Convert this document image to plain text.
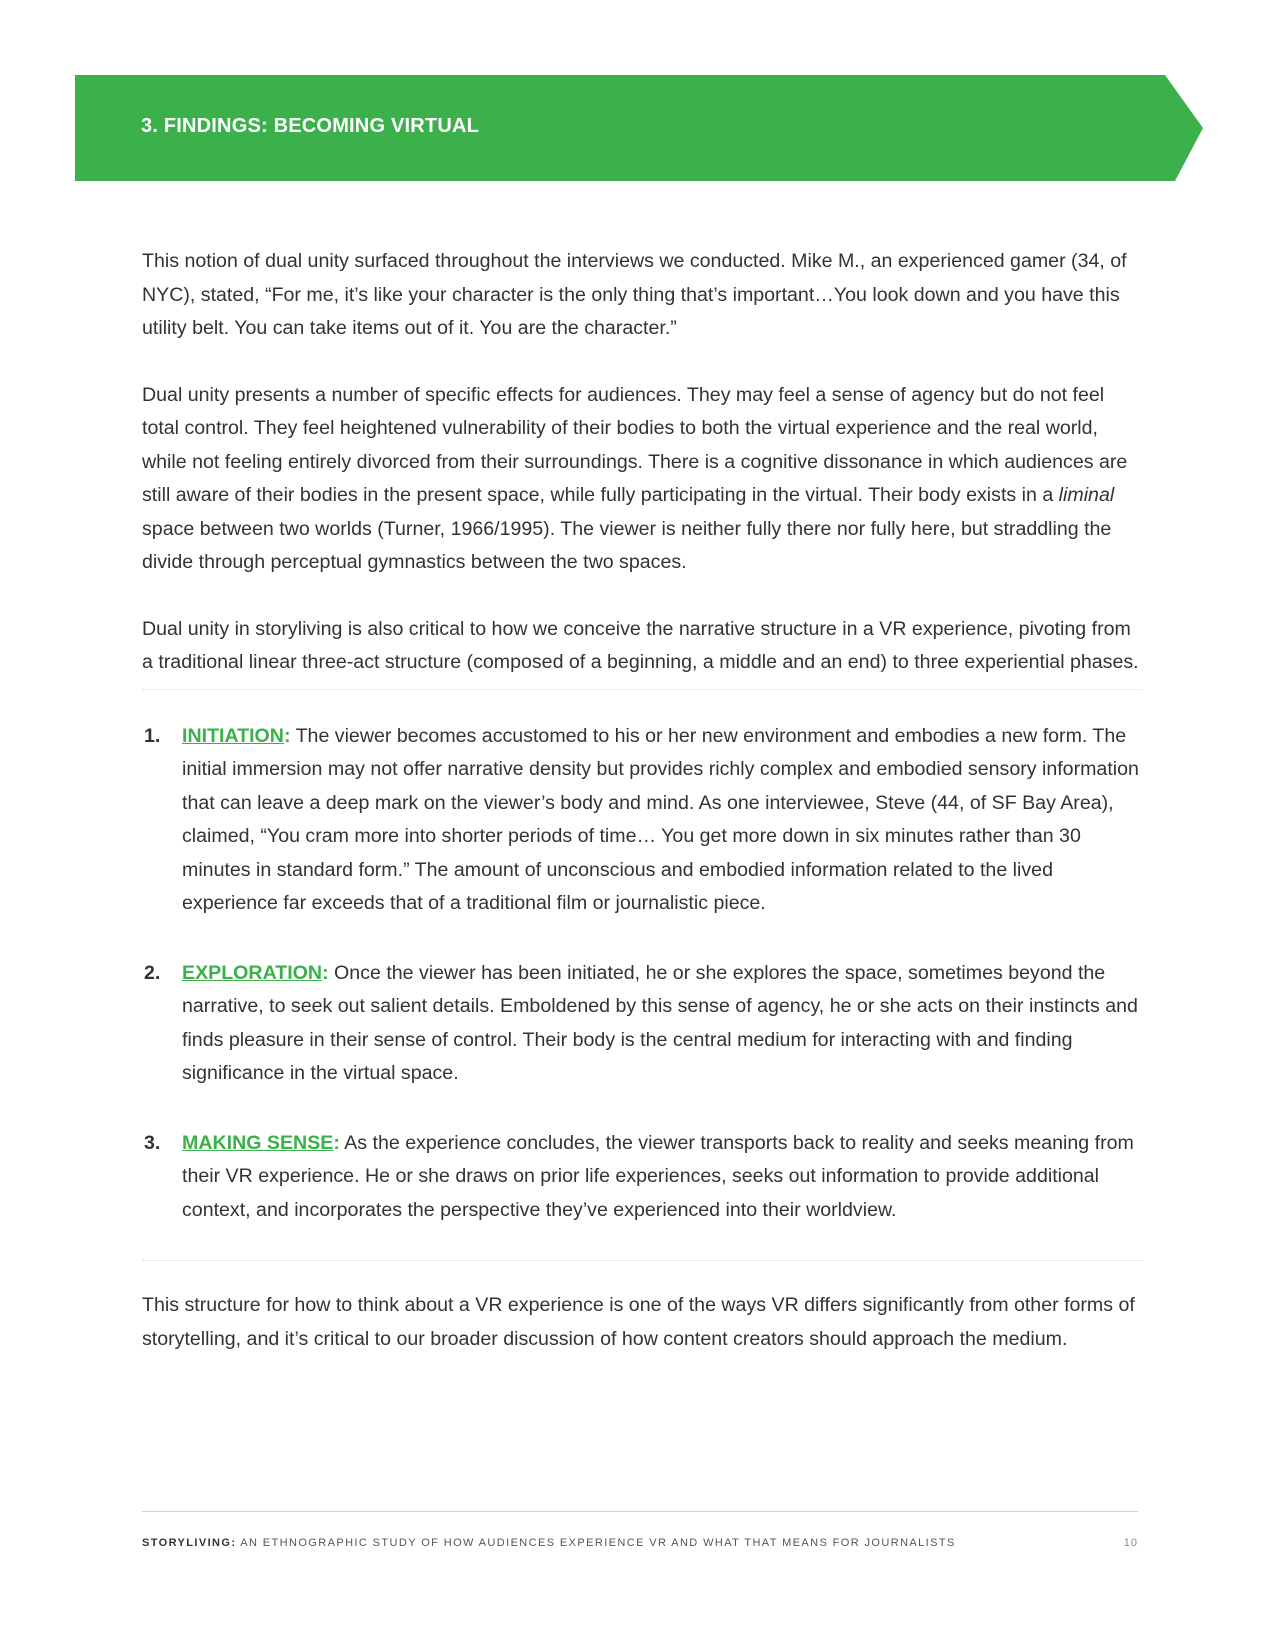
3. FINDINGS: BECOMING VIRTUAL

This notion of dual unity surfaced throughout the interviews we conducted. Mike M., an experienced gamer (34, of NYC), stated, “For me, it’s like your character is the only thing that’s important…You look down and you have this utility belt. You can take items out of it. You are the character.”

Dual unity presents a number of specific effects for audiences. They may feel a sense of agency but do not feel total control. They feel heightened vulnerability of their bodies to both the virtual experience and the real world, while not feeling entirely divorced from their surroundings. There is a cognitive dissonance in which audiences are still aware of their bodies in the present space, while fully participating in the virtual. Their body exists in a liminal space between two worlds (Turner, 1966/1995). The viewer is neither fully there nor fully here, but straddling the divide through perceptual gymnastics between the two spaces.

Dual unity in storyliving is also critical to how we conceive the narrative structure in a VR experience, pivoting from a traditional linear three-act structure (composed of a beginning, a middle and an end) to three experiential phases.

1. INITIATION: The viewer becomes accustomed to his or her new environment and embodies a new form. The initial immersion may not offer narrative density but provides richly complex and embodied sensory information that can leave a deep mark on the viewer’s body and mind. As one interviewee, Steve (44, of SF Bay Area), claimed, “You cram more into shorter periods of time… You get more down in six minutes rather than 30 minutes in standard form.” The amount of unconscious and embodied information related to the lived experience far exceeds that of a traditional film or journalistic piece.
2. EXPLORATION: Once the viewer has been initiated, he or she explores the space, sometimes beyond the narrative, to seek out salient details. Emboldened by this sense of agency, he or she acts on their instincts and finds pleasure in their sense of control. Their body is the central medium for interacting with and finding significance in the virtual space.
3. MAKING SENSE: As the experience concludes, the viewer transports back to reality and seeks meaning from their VR experience. He or she draws on prior life experiences, seeks out information to provide additional context, and incorporates the perspective they’ve experienced into their worldview.

This structure for how to think about a VR experience is one of the ways VR differs significantly from other forms of storytelling, and it’s critical to our broader discussion of how content creators should approach the medium.

STORYLIVING: AN ETHNOGRAPHIC STUDY OF HOW AUDIENCES EXPERIENCE VR AND WHAT THAT MEANS FOR JOURNALISTS	10
